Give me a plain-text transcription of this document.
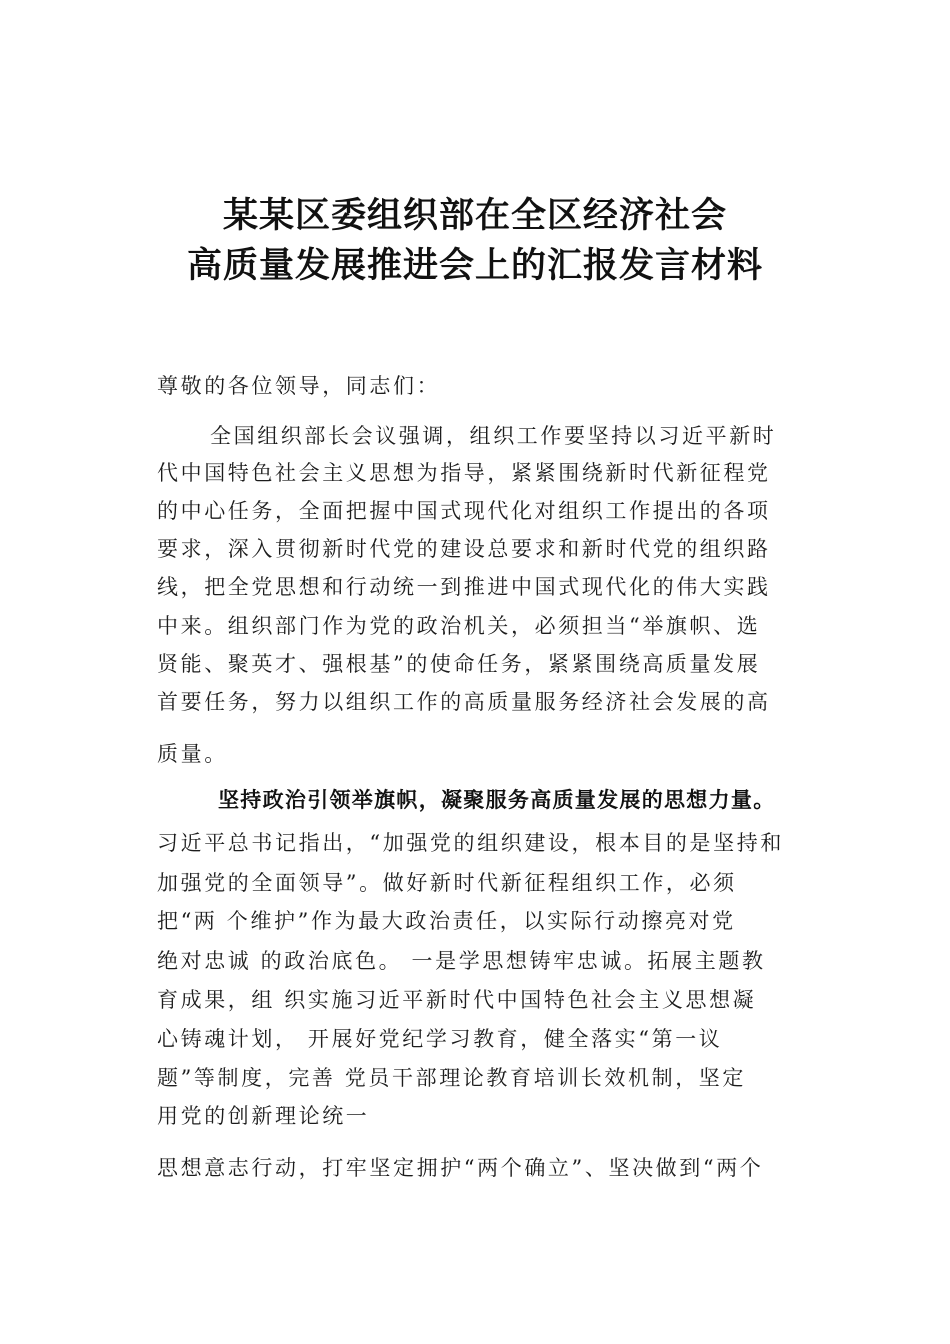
某某区委组织部在全区经济社会
高质量发展推进会上的汇报发言材料
尊敬的各位领导，同志们：
全国组织部长会议强调，组织工作要坚持以习近平新时
代中国特色社会主义思想为指导，紧紧围绕新时代新征程党
的中心任务，全面把握中国式现代化对组织工作提出的各项
要求，深入贯彻新时代党的建设总要求和新时代党的组织路
线，把全党思想和行动统一到推进中国式现代化的伟大实践
中来。组织部门作为党的政治机关，必须担当“举旗帜、选
贤能、聚英才、强根基”的使命任务，紧紧围绕高质量发展
首要任务，努力以组织工作的高质量服务经济社会发展的高
质量。
坚持政治引领举旗帜，凝聚服务高质量发展的思想力量。
习近平总书记指出，“加强党的组织建设，根本目的是坚持和
加强党的全面领导”。做好新时代新征程组织工作，必须
把“两 个维护”作为最大政治责任，以实际行动擦亮对党
绝对忠诚 的政治底色。 一是学思想铸牢忠诚。拓展主题教
育成果，组 织实施习近平新时代中国特色社会主义思想凝
心铸魂计划， 开展好党纪学习教育，健全落实“第一议
题”等制度，完善 党员干部理论教育培训长效机制，坚定
用党的创新理论统一
思想意志行动，打牢坚定拥护“两个确立”、坚决做到“两个
